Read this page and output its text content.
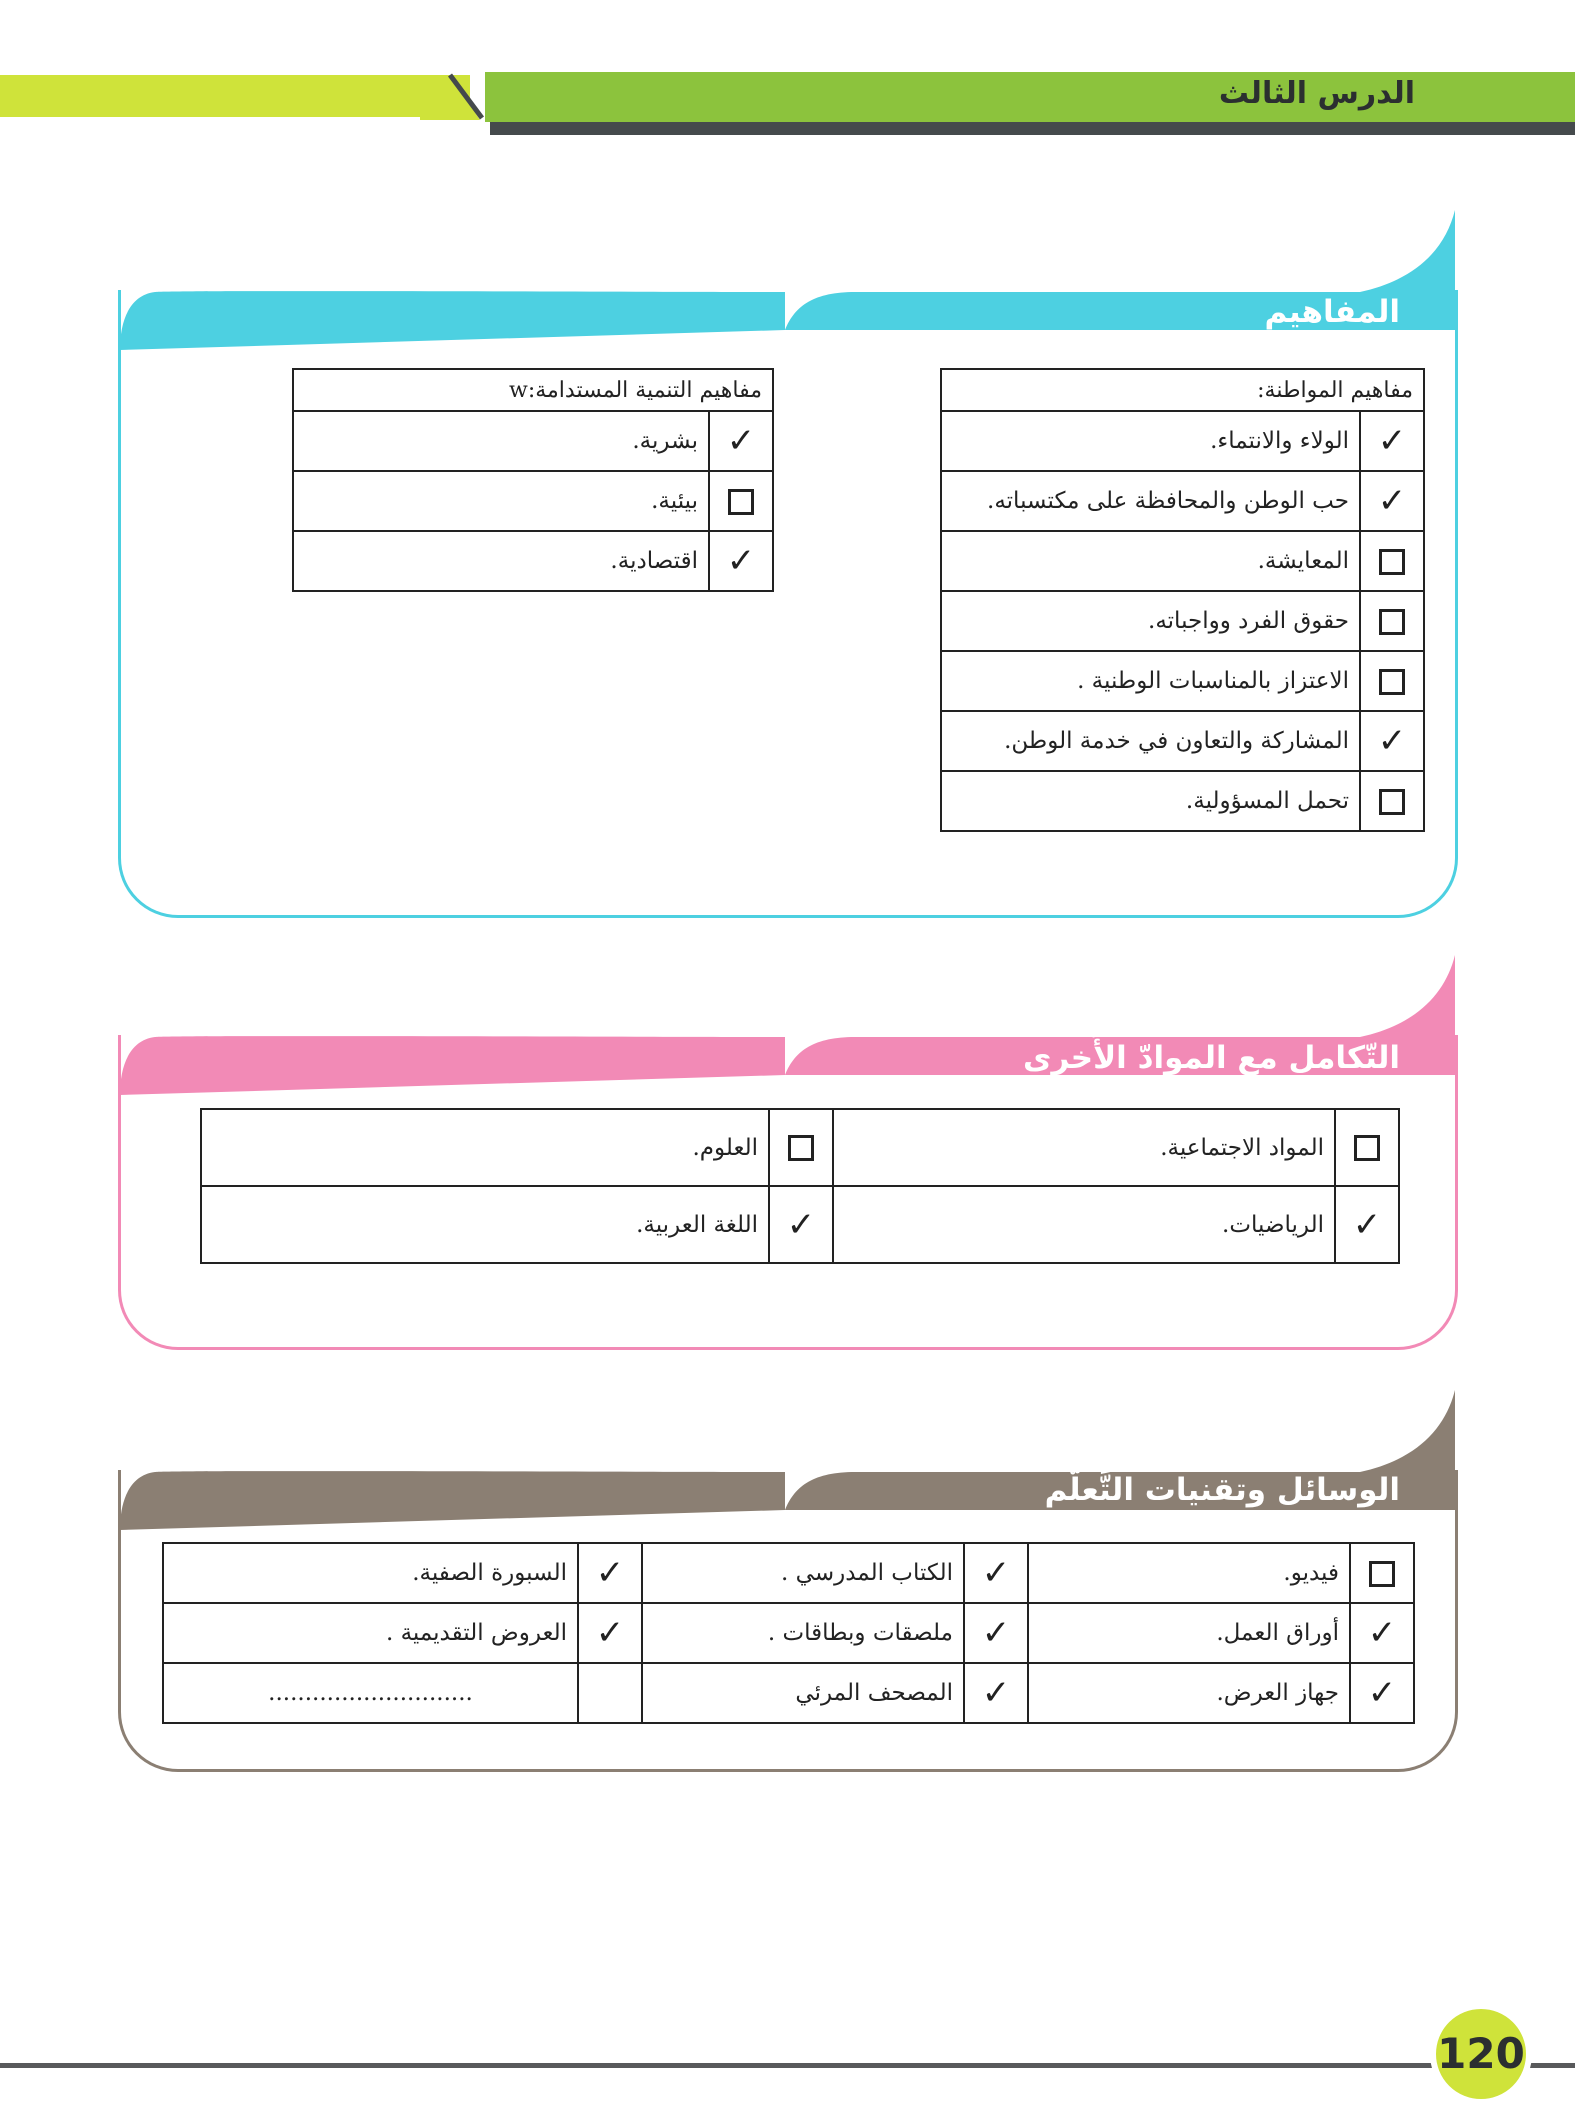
الدرس الثالث
المفاهيم
مفاهيم المواطنة:	
✓	الولاء والانتماء.
✓	حب الوطن والمحافظة على مكتسباته.
	المعايشة.
	حقوق الفرد وواجباته.
	الاعتزاز بالمناسبات الوطنية .
✓	المشاركة والتعاون في خدمة الوطن.
	تحمل المسؤولية.
مفاهيم التنمية المستدامة:w	
✓	بشرية.
	بيئية.
✓	اقتصادية.
التّكامل مع الموادّ الأُخرى
	المواد الاجتماعية.		العلوم.
✓	الرياضيات.	✓	اللغة العربية.
الوسائل وتقنيات التَّعلُّم
	فيديو.	✓	الكتاب المدرسي .	✓	السبورة الصفية.
✓	أوراق العمل.	✓	ملصقات وبطاقات .	✓	العروض التقديمية .
✓	جهاز العرض.	✓	المصحف المرئي		............................
120
